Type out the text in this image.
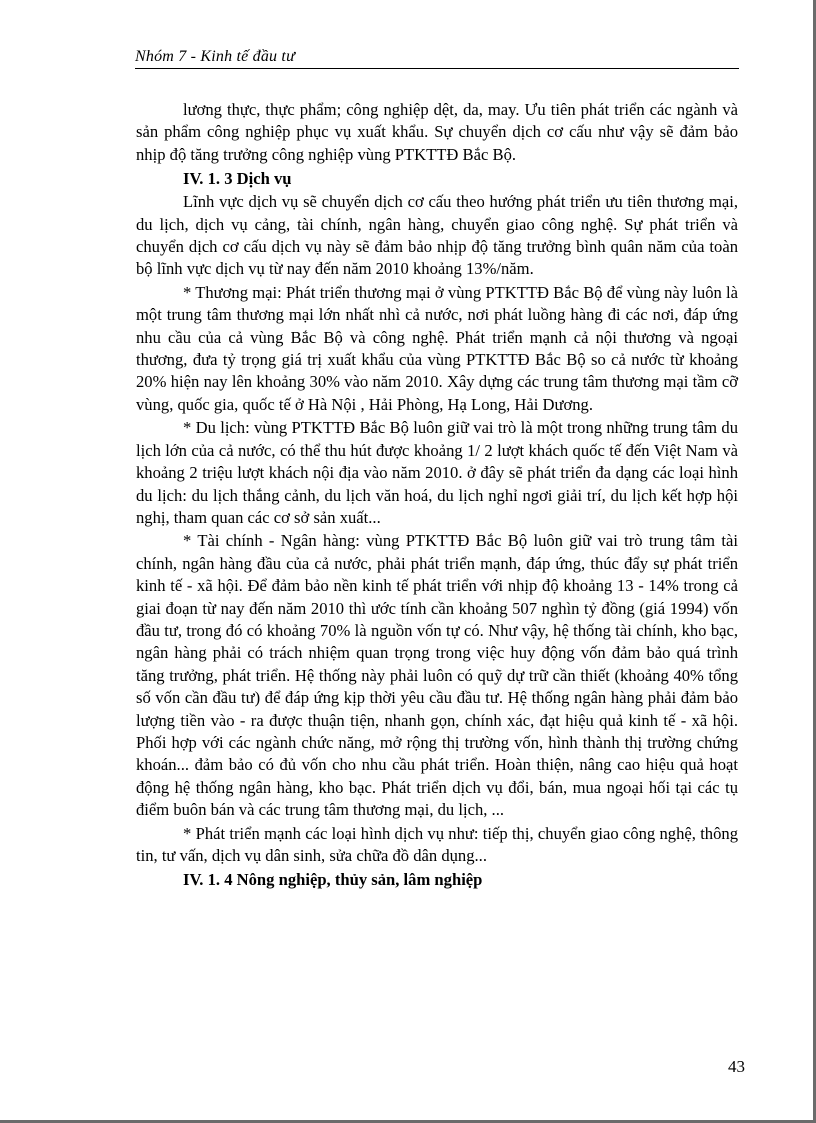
Nhóm 7 - Kinh tế đầu tư

lương thực, thực phẩm; công nghiệp dệt, da, may. Ưu tiên phát triển các ngành và sản phẩm công nghiệp phục vụ xuất khẩu. Sự chuyển dịch cơ cấu như vậy sẽ đảm bảo nhịp độ tăng trưởng công nghiệp vùng PTKTTĐ Bắc Bộ.

IV. 1. 3 Dịch vụ

Lĩnh vực dịch vụ sẽ chuyển dịch cơ cấu theo hướng phát triển ưu tiên thương mại, du lịch, dịch vụ cảng, tài chính, ngân hàng, chuyển giao công nghệ. Sự phát triển và chuyển dịch cơ cấu dịch vụ này sẽ đảm bảo nhịp độ tăng trưởng bình quân năm của toàn bộ lĩnh vực dịch vụ từ nay đến năm 2010 khoảng 13%/năm.

* Thương mại: Phát triển thương mại ở vùng PTKTTĐ Bắc Bộ để vùng này luôn là một trung tâm thương mại lớn nhất nhì cả nước, nơi phát luồng hàng đi các nơi, đáp ứng nhu cầu của cả vùng Bắc Bộ và công nghệ. Phát triển mạnh cả nội thương và ngoại thương, đưa tỷ trọng giá trị xuất khẩu của vùng PTKTTĐ Bắc Bộ so cả nước từ khoảng 20% hiện nay lên khoảng 30% vào năm 2010. Xây dựng các trung tâm thương mại tầm cỡ vùng, quốc gia, quốc tế ở Hà Nội , Hải Phòng, Hạ Long, Hải Dương.

* Du lịch: vùng PTKTTĐ Bắc Bộ luôn giữ vai trò là một trong những trung tâm du lịch lớn của cả nước, có thể thu hút được khoảng 1/ 2 lượt khách quốc tế đến Việt Nam và khoảng 2 triệu lượt khách nội địa vào năm 2010. ở đây sẽ phát triển đa dạng các loại hình du lịch: du lịch thắng cảnh, du lịch văn hoá, du lịch nghỉ ngơi giải trí, du lịch kết hợp hội nghị, tham quan các cơ sở sản xuất...

* Tài chính - Ngân hàng: vùng PTKTTĐ Bắc Bộ luôn giữ vai trò trung tâm tài chính, ngân hàng đầu của cả nước, phải phát triển mạnh, đáp ứng, thúc đẩy sự phát triển kinh tế - xã hội. Để đảm bảo nền kinh tế phát triển với nhịp độ khoảng 13 - 14% trong cả giai đoạn từ nay đến năm 2010 thì ước tính cần khoảng 507 nghìn tỷ đồng (giá 1994) vốn đầu tư, trong đó có khoảng 70% là nguồn vốn tự có. Như vậy, hệ thống tài chính, kho bạc, ngân hàng phải có trách nhiệm quan trọng trong việc huy động vốn đảm bảo quá trình tăng trưởng, phát triển. Hệ thống này phải luôn có quỹ dự trữ cần thiết (khoảng 40% tổng số vốn cần đầu tư) để đáp ứng kịp thời yêu cầu đầu tư. Hệ thống ngân hàng phải đảm bảo lượng tiền vào - ra được thuận tiện, nhanh gọn, chính xác, đạt hiệu quả kinh tế - xã hội. Phối hợp với các ngành chức năng, mở rộng thị trường vốn, hình thành thị trường chứng khoán... đảm bảo có đủ vốn cho nhu cầu phát triển. Hoàn thiện, nâng cao hiệu quả hoạt động hệ thống ngân hàng, kho bạc. Phát triển dịch vụ đổi, bán, mua ngoại hối tại các tụ điểm buôn bán và các trung tâm thương mại, du lịch, ...

* Phát triển mạnh các loại hình dịch vụ như: tiếp thị, chuyển giao công nghệ, thông tin, tư vấn, dịch vụ dân sinh, sửa chữa đồ dân dụng...

IV. 1. 4 Nông nghiệp, thủy sản, lâm nghiệp
43
